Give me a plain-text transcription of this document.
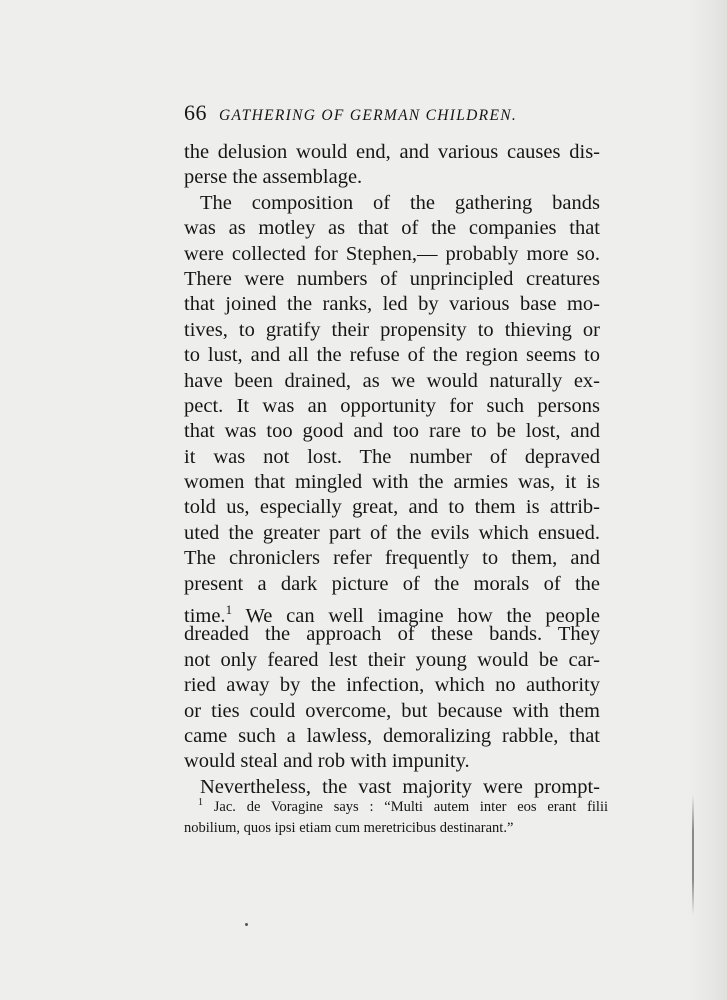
66 GATHERING OF GERMAN CHILDREN.
the delusion would end, and various causes dis-
perse the assemblage.
The composition of the gathering bands
was as motley as that of the companies that
were collected for Stephen,— probably more so.
There were numbers of unprincipled creatures
that joined the ranks, led by various base mo-
tives, to gratify their propensity to thieving or
to lust, and all the refuse of the region seems to
have been drained, as we would naturally ex-
pect. It was an opportunity for such persons
that was too good and too rare to be lost, and
it was not lost. The number of depraved
women that mingled with the armies was, it is
told us, especially great, and to them is attrib-
uted the greater part of the evils which ensued.
The chroniclers refer frequently to them, and
present a dark picture of the morals of the
time.$^1$ We can well imagine how the people
dreaded the approach of these bands. They
not only feared lest their young would be car-
ried away by the infection, which no authority
or ties could overcome, but because with them
came such a lawless, demoralizing rabble, that
would steal and rob with impunity.
Nevertheless, the vast majority were prompt-
$^1$ Jac. de Voragine says : “Multi autem inter eos erant filii
nobilium, quos ipsi etiam cum meretricibus destinarant.”
